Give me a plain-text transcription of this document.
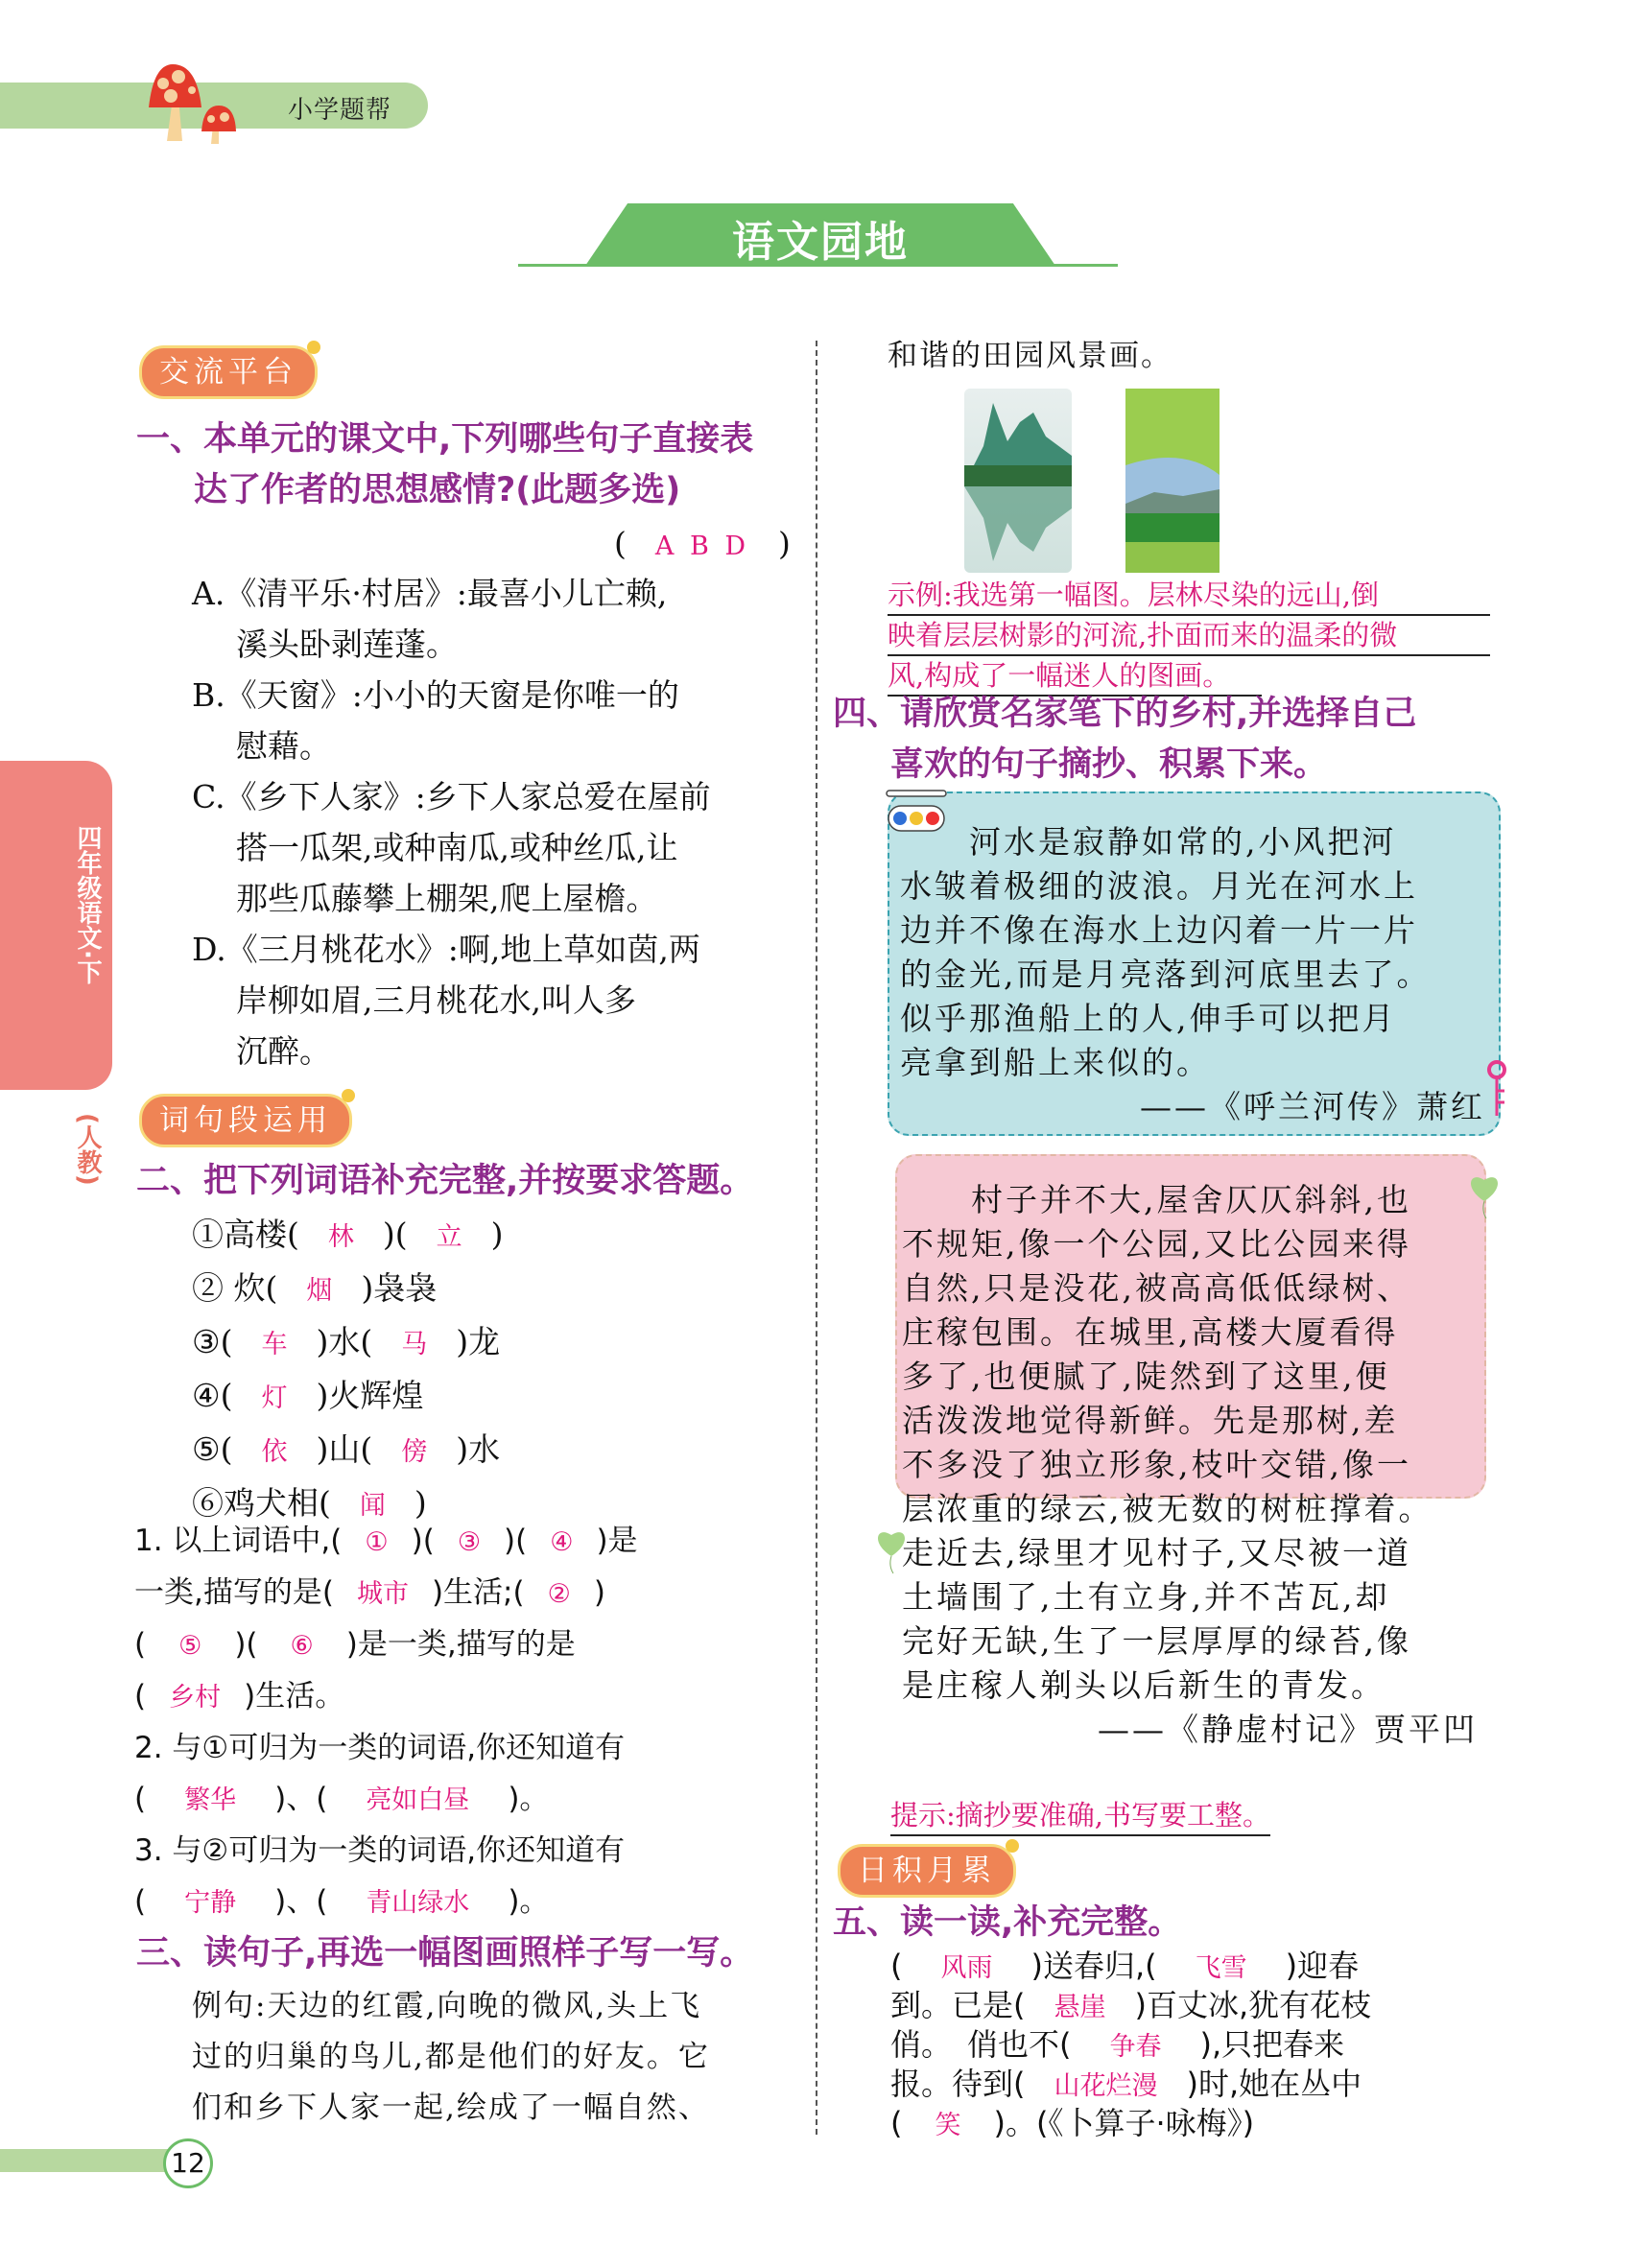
小学题帮
语文园地
四年级语文·下
(人教)
交流平台
一、本单元的课文中,下列哪些句子直接表
达了作者的思想感情?(此题多选)
( A B D )
A.《清平乐·村居》:最喜小儿亡赖,
溪头卧剥莲蓬。
B.《天窗》:小小的天窗是你唯一的
慰藉。
C.《乡下人家》:乡下人家总爱在屋前
搭一瓜架,或种南瓜,或种丝瓜,让
那些瓜藤攀上棚架,爬上屋檐。
D.《三月桃花水》:啊,地上草如茵,两
岸柳如眉,三月桃花水,叫人多
沉醉。
词句段运用
二、把下列词语补充完整,并按要求答题。
①高楼( 林 )( 立 )
② 炊( 烟 )袅袅
③( 车 )水( 马 )龙
④( 灯 )火辉煌
⑤( 依 )山( 傍 )水
⑥鸡犬相( 闻 )
1. 以上词语中,( ① )( ③ )( ④ )是
一类,描写的是( 城市 )生活;( ② )
( ⑤ )( ⑥ )是一类,描写的是
( 乡村 )生活。
2. 与①可归为一类的词语,你还知道有
( 繁华 )、( 亮如白昼 )。
3. 与②可归为一类的词语,你还知道有
( 宁静 )、( 青山绿水 )。
三、读句子,再选一幅图画照样子写一写。
例句:天边的红霞,向晚的微风,头上飞
过的归巢的鸟儿,都是他们的好友。它
们和乡下人家一起,绘成了一幅自然、
12
和谐的田园风景画。
示例:我选第一幅图。层林尽染的远山,倒
映着层层树影的河流,扑面而来的温柔的微
风,构成了一幅迷人的图画。
四、请欣赏名家笔下的乡村,并选择自己
喜欢的句子摘抄、积累下来。
　　河水是寂静如常的,小风把河
水皱着极细的波浪。月光在河水上
边并不像在海水上边闪着一片一片
的金光,而是月亮落到河底里去了。
似乎那渔船上的人,伸手可以把月
亮拿到船上来似的。
——《呼兰河传》萧红
　　村子并不大,屋舍仄仄斜斜,也
不规矩,像一个公园,又比公园来得
自然,只是没花,被高高低低绿树、
庄稼包围。在城里,高楼大厦看得
多了,也便腻了,陡然到了这里,便
活泼泼地觉得新鲜。先是那树,差
不多没了独立形象,枝叶交错,像一
层浓重的绿云,被无数的树桩撑着。
走近去,绿里才见村子,又尽被一道
土墙围了,土有立身,并不苫瓦,却
完好无缺,生了一层厚厚的绿苔,像
是庄稼人剃头以后新生的青发。
——《静虚村记》贾平凹
提示:摘抄要准确,书写要工整。
日积月累
五、读一读,补充完整。
( 风雨 )送春归,( 飞雪 )迎春
到。已是( 悬崖 )百丈冰,犹有花枝
俏。　俏也不( 争春 ),只把春来
报。待到( 山花烂漫 )时,她在丛中
( 笑 )。(《卜算子·咏梅》)
